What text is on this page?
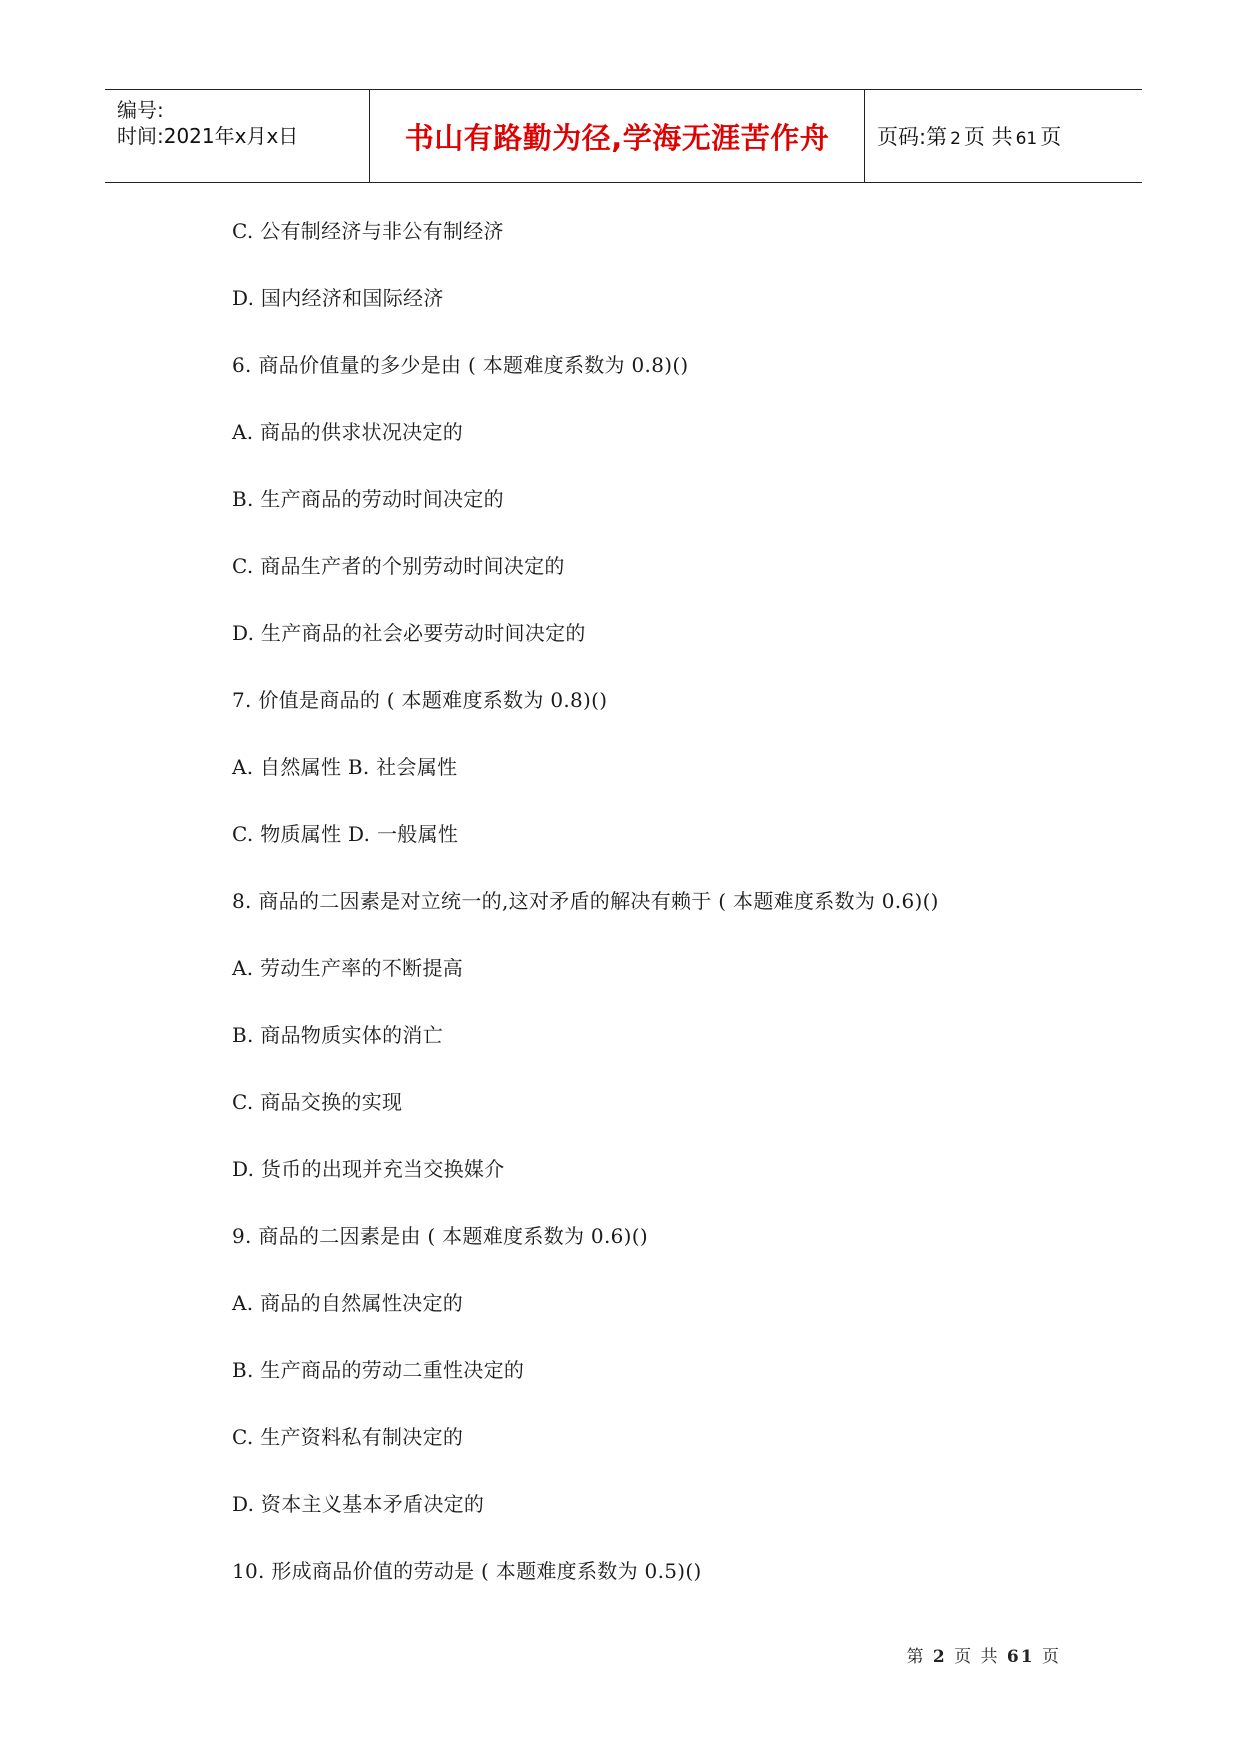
编号:
时间:2021年x月x日	书山有路勤为径,学海无涯苦作舟 页码:第 2 页 共 61 页
C. 公有制经济与非公有制经济
D. 国内经济和国际经济
6. 商品价值量的多少是由 ( 本题难度系数为 0.8)()
A. 商品的供求状况决定的
B. 生产商品的劳动时间决定的
C. 商品生产者的个别劳动时间决定的
D. 生产商品的社会必要劳动时间决定的
7. 价值是商品的 ( 本题难度系数为 0.8)()
A. 自然属性 B. 社会属性
C. 物质属性 D. 一般属性
8. 商品的二因素是对立统一的,这对矛盾的解决有赖于 ( 本题难度系数为 0.6)()
A. 劳动生产率的不断提高
B. 商品物质实体的消亡
C. 商品交换的实现
D. 货币的出现并充当交换媒介
9. 商品的二因素是由 ( 本题难度系数为 0.6)()
A. 商品的自然属性决定的
B. 生产商品的劳动二重性决定的
C. 生产资料私有制决定的
D. 资本主义基本矛盾决定的
10. 形成商品价值的劳动是 ( 本题难度系数为 0.5)()
第 2 页 共 61 页
